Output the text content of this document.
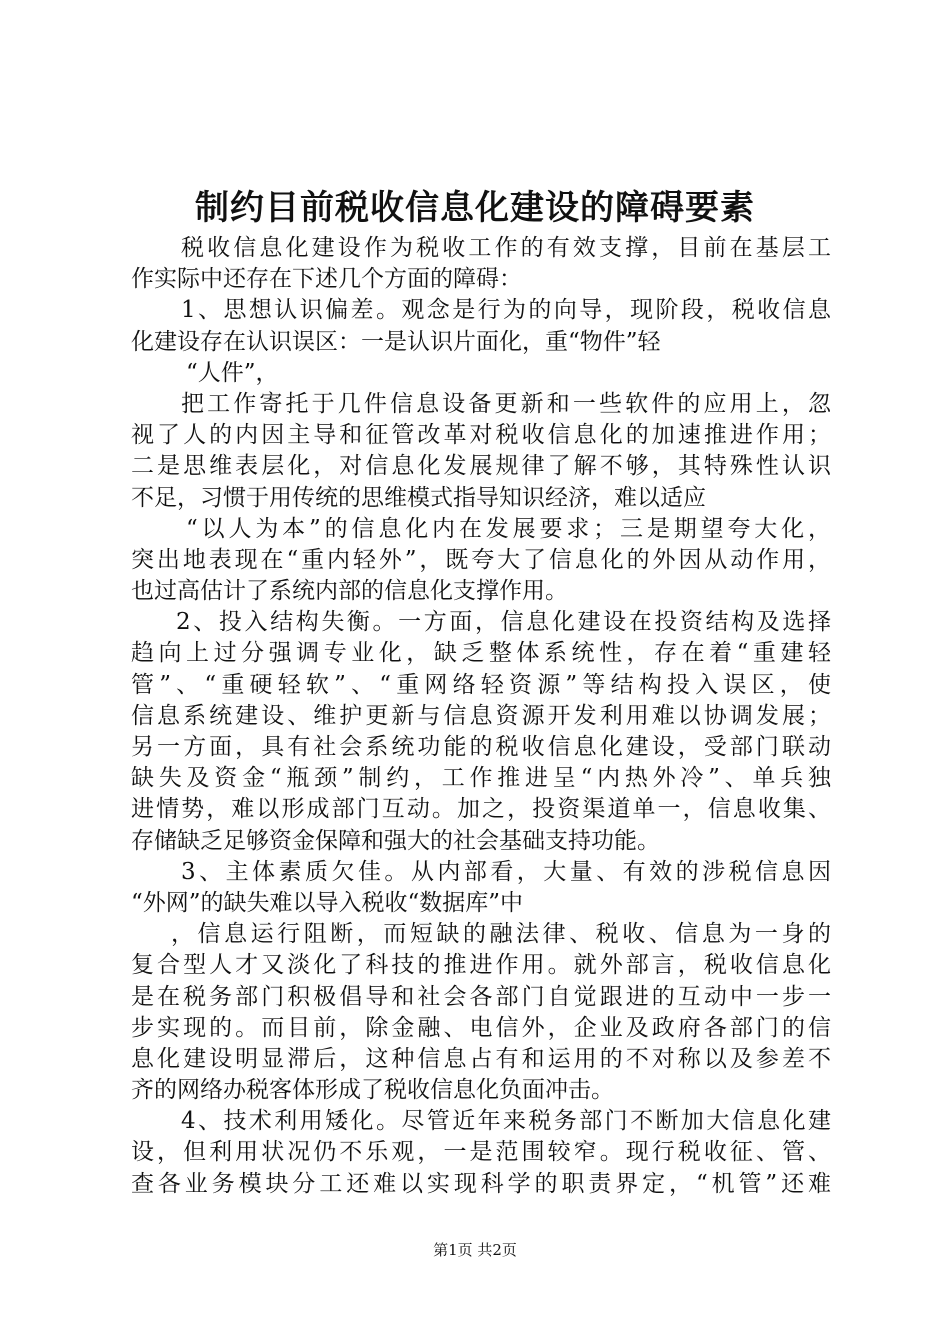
制约目前税收信息化建设的障碍要素
税收信息化建设作为税收工作的有效支撑，目前在基层工
作实际中还存在下述几个方面的障碍：
1、思想认识偏差。观念是行为的向导，现阶段，税收信息
化建设存在认识误区：一是认识片面化，重“物件”轻
“人件”，
把工作寄托于几件信息设备更新和一些软件的应用上，忽
视了人的内因主导和征管改革对税收信息化的加速推进作用；
二是思维表层化，对信息化发展规律了解不够，其特殊性认识
不足，习惯于用传统的思维模式指导知识经济，难以适应
“以人为本”的信息化内在发展要求；三是期望夸大化，
突出地表现在“重内轻外”，既夸大了信息化的外因从动作用，
也过高估计了系统内部的信息化支撑作用。
2、投入结构失衡。一方面，信息化建设在投资结构及选择
趋向上过分强调专业化，缺乏整体系统性，存在着“重建轻
管”、“重硬轻软”、“重网络轻资源”等结构投入误区，使
信息系统建设、维护更新与信息资源开发利用难以协调发展；
另一方面，具有社会系统功能的税收信息化建设，受部门联动
缺失及资金“瓶颈”制约，工作推进呈“内热外冷”、单兵独
进情势，难以形成部门互动。加之，投资渠道单一，信息收集、
存储缺乏足够资金保障和强大的社会基础支持功能。
3、主体素质欠佳。从内部看，大量、有效的涉税信息因
“外网”的缺失难以导入税收“数据库”中
，信息运行阻断，而短缺的融法律、税收、信息为一身的
复合型人才又淡化了科技的推进作用。就外部言，税收信息化
是在税务部门积极倡导和社会各部门自觉跟进的互动中一步一
步实现的。而目前，除金融、电信外，企业及政府各部门的信
息化建设明显滞后，这种信息占有和运用的不对称以及参差不
齐的网络办税客体形成了税收信息化负面冲击。
4、技术利用矮化。尽管近年来税务部门不断加大信息化建
设，但利用状况仍不乐观，一是范围较窄。现行税收征、管、
查各业务模块分工还难以实现科学的职责界定，“机管”还难
第1页 共2页
